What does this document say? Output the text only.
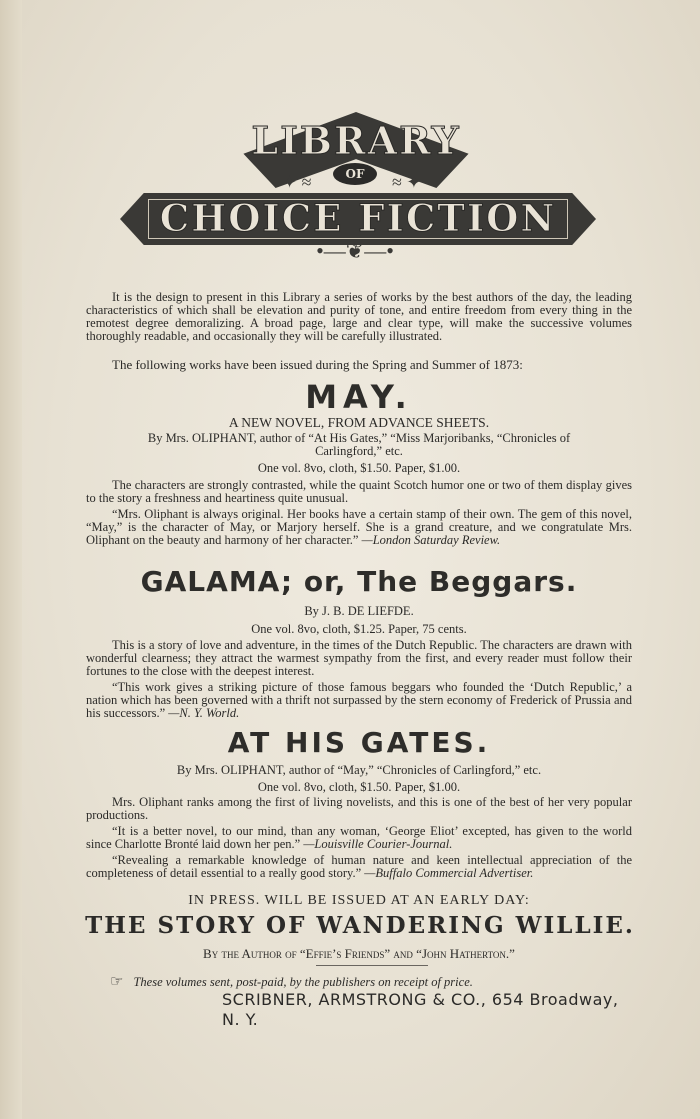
LIBRARY
OF
✦ ≈	≈ ✦
CHOICE FICTION
•—❦—•

It is the design to present in this Library a series of works by the best authors of the day, the leading characteristics of which shall be elevation and purity of tone, and entire freedom from every thing in the remotest degree demoralizing. A broad page, large and clear type, will make the successive volumes thoroughly readable, and occasionally they will be carefully illustrated.

The following works have been issued during the Spring and Summer of 1873:

MAY.
A NEW NOVEL, FROM ADVANCE SHEETS.
By Mrs. OLIPHANT, author of “At His Gates,” “Miss Marjoribanks, “Chronicles of
Carlingford,” etc.
One vol. 8vo, cloth, $1.50. Paper, $1.00.

The characters are strongly contrasted, while the quaint Scotch humor one or two of them display gives to the story a freshness and heartiness quite unusual.

“Mrs. Oliphant is always original. Her books have a certain stamp of their own. The gem of this novel, “May,” is the character of May, or Marjory herself. She is a grand creature, and we congratulate Mrs. Oliphant on the beauty and harmony of her character.” —London Saturday Review.

GALAMA; or, The Beggars.
By J. B. DE LIEFDE.
One vol. 8vo, cloth, $1.25. Paper, 75 cents.

This is a story of love and adventure, in the times of the Dutch Republic. The characters are drawn with wonderful clearness; they attract the warmest sympathy from the first, and every reader must follow their fortunes to the close with the deepest interest.

“This work gives a striking picture of those famous beggars who founded the ‘Dutch Republic,’ a nation which has been governed with a thrift not surpassed by the stern economy of Frederick of Prussia and his successors.” —N. Y. World.

AT HIS GATES.
By Mrs. OLIPHANT, author of “May,” “Chronicles of Carlingford,” etc.
One vol. 8vo, cloth, $1.50. Paper, $1.00.

Mrs. Oliphant ranks among the first of living novelists, and this is one of the best of her very popular productions.

“It is a better novel, to our mind, than any woman, ‘George Eliot’ excepted, has given to the world since Charlotte Bronté laid down her pen.” —Louisville Courier-Journal.

“Revealing a remarkable knowledge of human nature and keen intellectual appreciation of the completeness of detail essential to a really good story.” —Buffalo Commercial Advertiser.

IN PRESS. WILL BE ISSUED AT AN EARLY DAY:
THE STORY OF WANDERING WILLIE.
By the Author of “Effie’s Friends” and “John Hatherton.”
☞ These volumes sent, post-paid, by the publishers on receipt of price.
SCRIBNER, ARMSTRONG & CO., 654 Broadway, N. Y.
